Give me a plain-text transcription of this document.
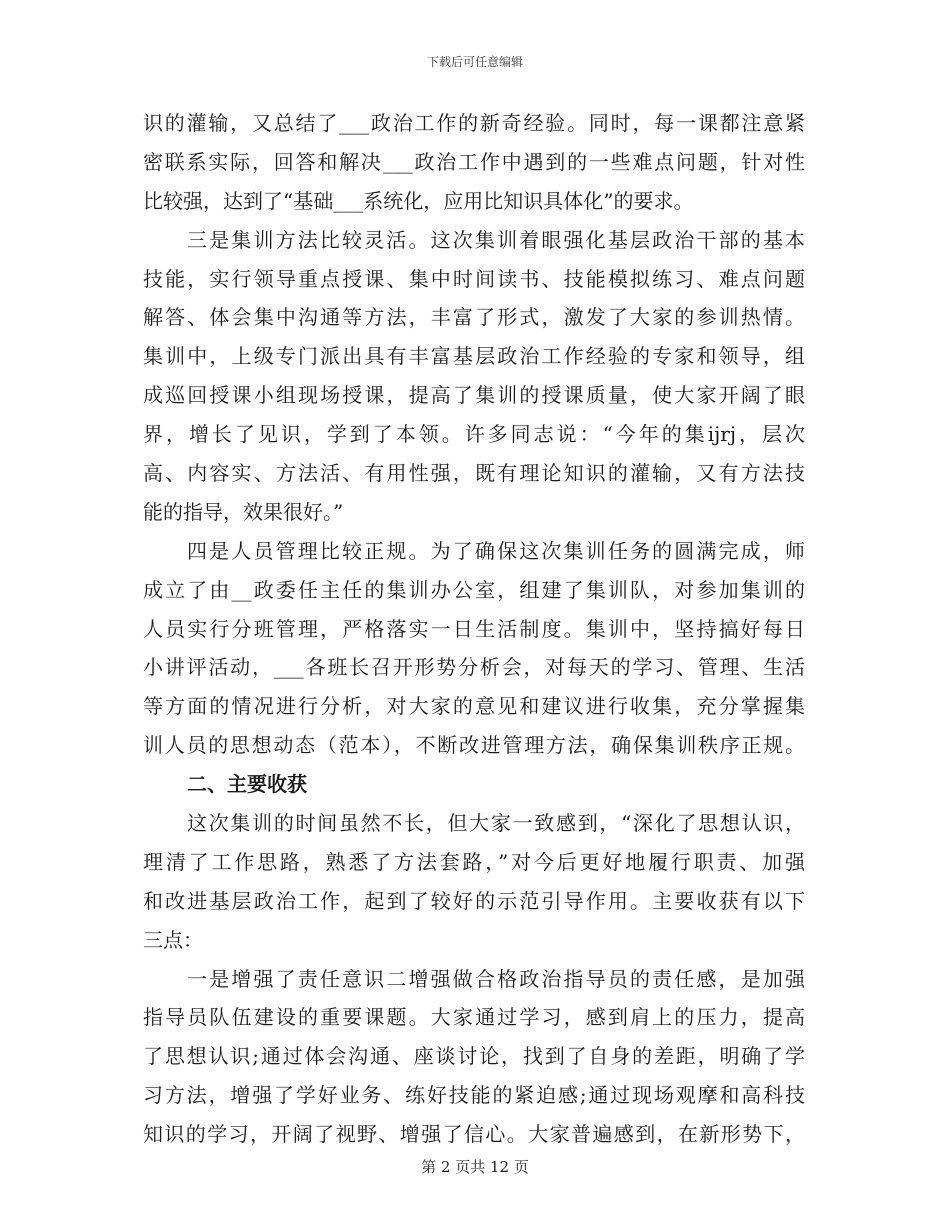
下载后可任意编辑
识的灌输，又总结了___政治工作的新奇经验。同时，每一课都注意紧
密联系实际，回答和解决___政治工作中遇到的一些难点问题，针对性
比较强，达到了“基础___系统化，应用比知识具体化”的要求。
三是集训方法比较灵活。这次集训着眼强化基层政治干部的基本
技能，实行领导重点授课、集中时间读书、技能模拟练习、难点问题
解答、体会集中沟通等方法，丰富了形式，激发了大家的参训热情。
集训中，上级专门派出具有丰富基层政治工作经验的专家和领导，组
成巡回授课小组现场授课，提高了集训的授课质量，使大家开阔了眼
界，增长了见识，学到了本领。许多同志说：“今年的集ijrj，层次
高、内容实、方法活、有用性强，既有理论知识的灌输，又有方法技
能的指导，效果很好。”
四是人员管理比较正规。为了确保这次集训任务的圆满完成，师
成立了由__政委任主任的集训办公室，组建了集训队，对参加集训的
人员实行分班管理，严格落实一日生活制度。集训中，坚持搞好每日
小讲评活动，___各班长召开形势分析会，对每天的学习、管理、生活
等方面的情况进行分析，对大家的意见和建议进行收集，充分掌握集
训人员的思想动态（范本），不断改进管理方法，确保集训秩序正规。
二、主要收获
这次集训的时间虽然不长，但大家一致感到，“深化了思想认识，
理清了工作思路，熟悉了方法套路，”对今后更好地履行职责、加强
和改进基层政治工作，起到了较好的示范引导作用。主要收获有以下
三点：
一是增强了责任意识二增强做合格政治指导员的责任感，是加强
指导员队伍建设的重要课题。大家通过学习，感到肩上的压力，提高
了思想认识;通过体会沟通、座谈讨论，找到了自身的差距，明确了学
习方法，增强了学好业务、练好技能的紧迫感;通过现场观摩和高科技
知识的学习，开阔了视野、增强了信心。大家普遍感到，在新形势下，
第 2 页共 12 页
